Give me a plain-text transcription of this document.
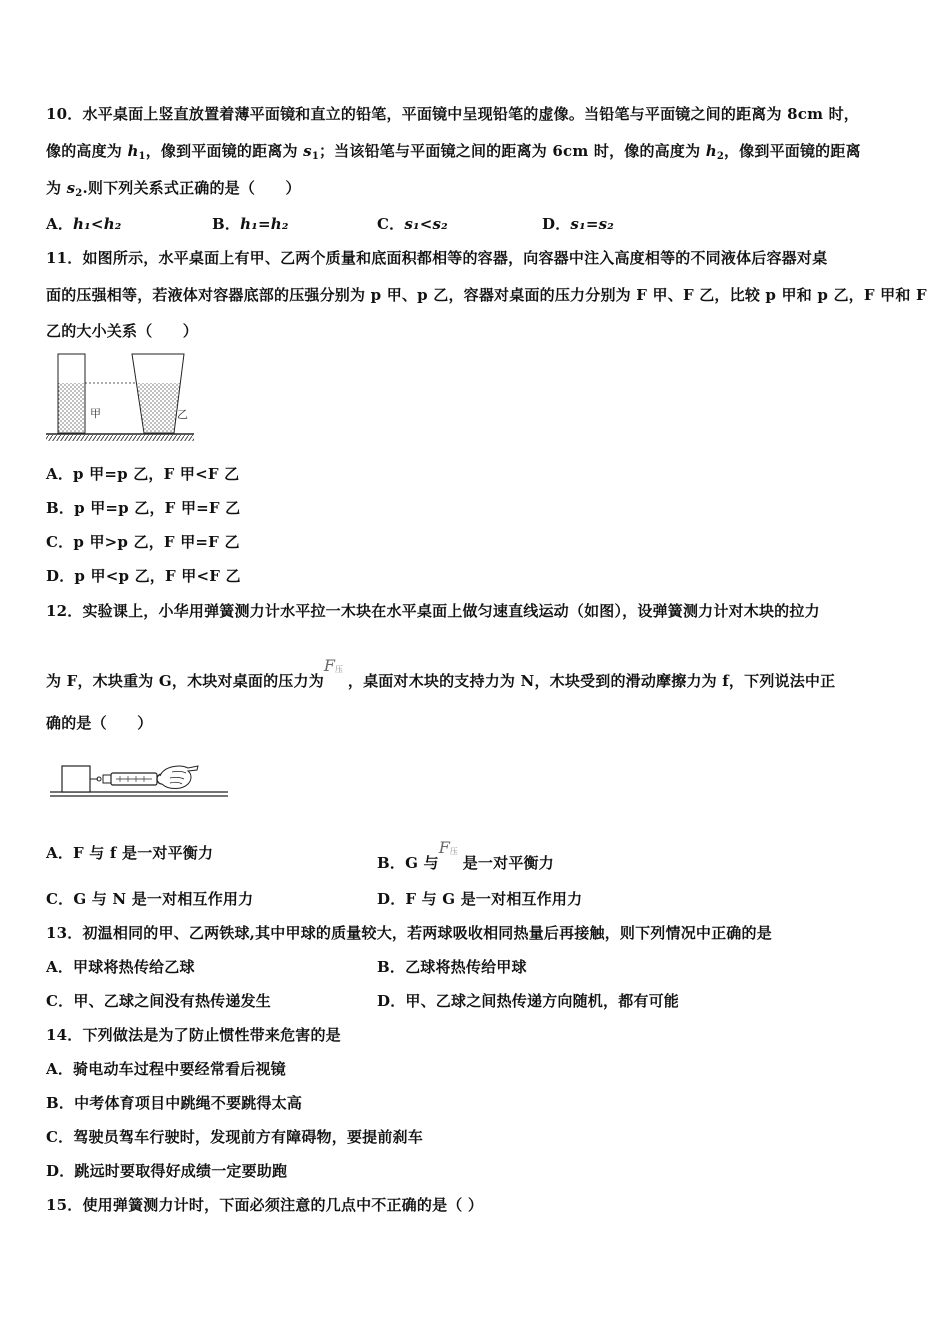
10．水平桌面上竖直放置着薄平面镜和直立的铅笔，平面镜中呈现铅笔的虚像。当铅笔与平面镜之间的距离为 8cm 时，
像的高度为 $h_1$，像到平面镜的距离为 $s_1$；当该铅笔与平面镜之间的距离为 6cm 时，像的高度为 $h_2$，像到平面镜的距离
为 $s_2$.则下列关系式正确的是（　　）
A．h₁<h₂	B．h₁=h₂	C．s₁<s₂	D．s₁=s₂
11．如图所示，水平桌面上有甲、乙两个质量和底面积都相等的容器，向容器中注入高度相等的不同液体后容器对桌
面的压强相等，若液体对容器底部的压强分别为 p 甲、p 乙，容器对桌面的压力分别为 F 甲、F 乙，比较 p 甲和 p 乙，F 甲和 F
乙的大小关系（　　）
甲	乙
A．p 甲=p 乙，F 甲<F 乙
B．p 甲=p 乙，F 甲=F 乙
C．p 甲>p 乙，F 甲=F 乙
D．p 甲<p 乙，F 甲<F 乙
12．实验课上，小华用弹簧测力计水平拉一木块在水平桌面上做匀速直线运动（如图），设弹簧测力计对木块的拉力
为 F，木块重为 G，木块对桌面的压力为
F 压
，桌面对木块的支持力为 N，木块受到的滑动摩擦力为 f，下列说法中正
确的是（　　）
A．F 与 f 是一对平衡力
B．G 与
F 压
是一对平衡力
C．G 与 N 是一对相互作用力	D．F 与 G 是一对相互作用力
13．初温相同的甲、乙两铁球,其中甲球的质量较大，若两球吸收相同热量后再接触，则下列情况中正确的是
A．甲球将热传给乙球	B．乙球将热传给甲球
C．甲、乙球之间没有热传递发生	D．甲、乙球之间热传递方向随机，都有可能
14．下列做法是为了防止惯性带来危害的是
A．骑电动车过程中要经常看后视镜
B．中考体育项目中跳绳不要跳得太高
C．驾驶员驾车行驶时，发现前方有障碍物，要提前刹车
D．跳远时要取得好成绩一定要助跑
15．使用弹簧测力计时，下面必须注意的几点中不正确的是（ ）
